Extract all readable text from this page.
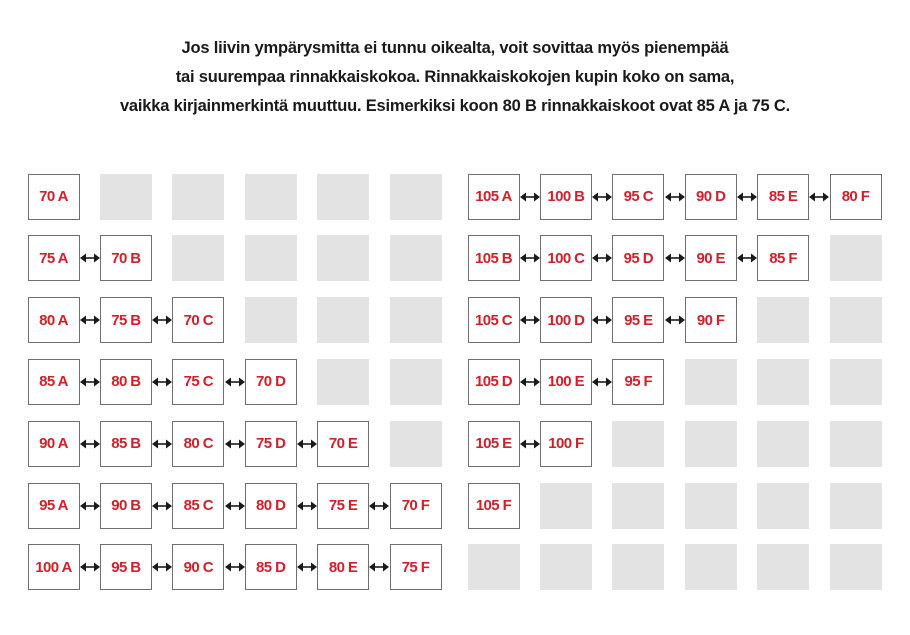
Jos liivin ympärysmitta ei tunnu oikealta, voit sovittaa myös pienempää

tai suurempaa rinnakkaiskokoa. Rinnakkaiskokojen kupin koko on sama,

vaikka kirjainmerkintä muuttuu. Esimerkiksi koon 80 B rinnakkaiskoot ovat 85 A ja 75 C.

70 A
75 A	70 B
80 A	75 B	70 C
85 A	80 B	75 C	70 D
90 A	85 B	80 C	75 D	70 E
95 A	90 B	85 C	80 D	75 E	70 F
100 A	95 B	90 C	85 D	80 E	75 F
105 A	100 B	95 C	90 D	85 E	80 F
105 B	100 C	95 D	90 E	85 F
105 C	100 D	95 E	90 F
105 D	100 E	95 F
105 E	100 F
105 F
